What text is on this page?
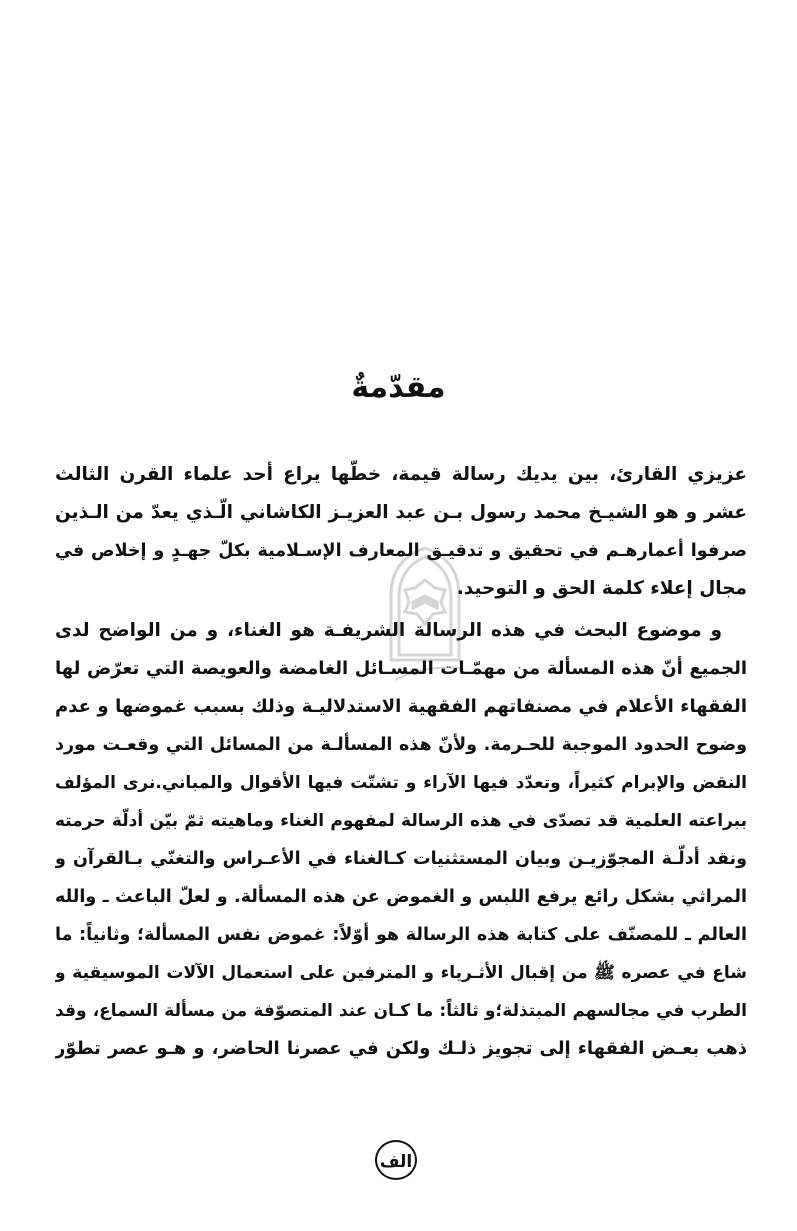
مقدّمةٌ
عزيزي القارئ، بين يديك رسالة قيمة، خطّها يراع أحد علماء القرن الثالث
عشر و هو الشيـخ محمد رسول بـن عبد العزيـز الكاشاني الّـذي يعدّ من الـذين
صرفوا أعمارهـم في تحقيق و تدقيـق المعارف الإسـلامية بكلّ جهـدٍ و إخلاص في
مجال إعلاء كلمة الحق و التوحيد.
و موضوع البحث في هذه الرسالة الشريفـة هو الغناء، و من الواضح لدى
الجميع أنّ هذه المسألة من مهمّـات المسـائل الغامضة والعويصة التي تعرّض لها
الفقهاء الأعلام في مصنفاتهم الفقهية الاستدلاليـة وذلك بسبب غموضها و عدم
وضوح الحدود الموجبة للحـرمة. ولأنّ هذه المسألـة من المسائل التي وقعـت مورد
النقض والإبرام كثيراً، وتعدّد فيها الآراء و تشتّت فيها الأقوال والمباني.نرى المؤلف
ببراعته العلمية قد تصدّى في هذه الرسالة لمفهوم الغناء وماهيته ثمّ بيّن أدلّة حرمته
ونقد أدلّـة المجوّزيـن وبيان المستثنيات كـالغناء في الأعـراس والتغنّي بـالقرآن و
المراثي بشكل رائع يرفع اللبس و الغموض عن هذه المسألة. و لعلّ الباعث ـ والله
العالم ـ للمصنّف على كتابة هذه الرسالة هو أوّلاً: غموض نفس المسألة؛ وثانياً: ما
شاع في عصره ﷺ من إقبال الأثـرياء و المترفين على استعمال الآلات الموسيقية و
الطرب في مجالسهم المبتذلة؛و ثالثاً: ما كـان عند المتصوّفة من مسألة السماع، وقد
ذهب بعـض الفقهاء إلى تجويز ذلـك ولكن في عصرنا الحاضر، و هـو عصر تطوّر
الف
